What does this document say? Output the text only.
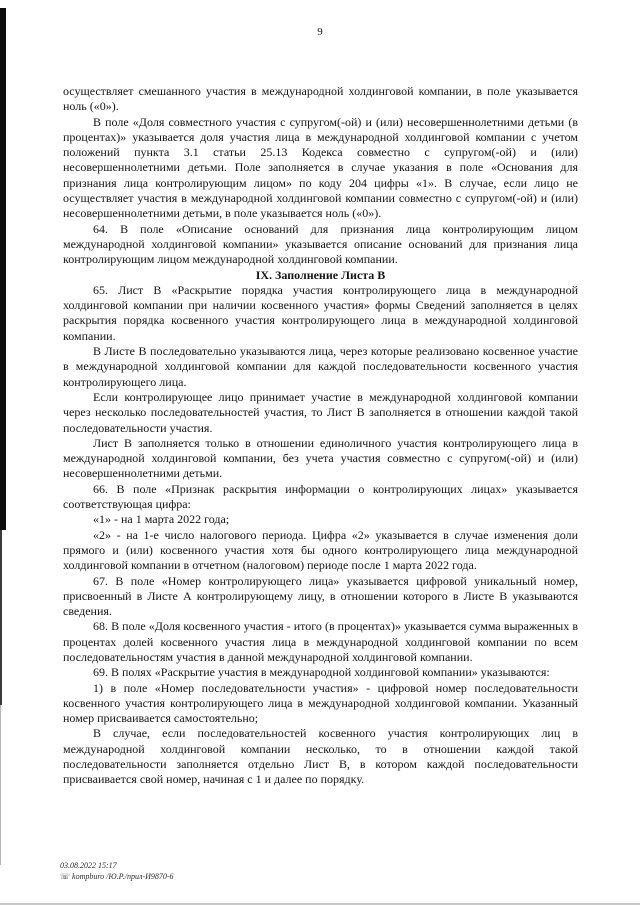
9

осуществляет смешанного участия в международной холдинговой компании, в поле указывается ноль («0»).

В поле «Доля совместного участия с супругом(-ой) и (или) несовершеннолетними детьми (в процентах)» указывается доля участия лица в международной холдинговой компании с учетом положений пункта 3.1 статьи 25.13 Кодекса совместно с супругом(-ой) и (или) несовершеннолетними детьми. Поле заполняется в случае указания в поле «Основания для признания лица контролирующим лицом» по коду 204 цифры «1». В случае, если лицо не осуществляет участия в международной холдинговой компании совместно с супругом(-ой) и (или) несовершеннолетними детьми, в поле указывается ноль («0»).

64. В поле «Описание оснований для признания лица контролирующим лицом международной холдинговой компании» указывается описание оснований для признания лица контролирующим лицом международной холдинговой компании.

IX. Заполнение Листа В

65. Лист В «Раскрытие порядка участия контролирующего лица в международной холдинговой компании при наличии косвенного участия» формы Сведений заполняется в целях раскрытия порядка косвенного участия контролирующего лица в международной холдинговой компании.

В Листе В последовательно указываются лица, через которые реализовано косвенное участие в международной холдинговой компании для каждой последовательности косвенного участия контролирующего лица.

Если контролирующее лицо принимает участие в международной холдинговой компании через несколько последовательностей участия, то Лист В заполняется в отношении каждой такой последовательности участия.

Лист В заполняется только в отношении единоличного участия контролирующего лица в международной холдинговой компании, без учета участия совместно с супругом(-ой) и (или) несовершеннолетними детьми.

66. В поле «Признак раскрытия информации о контролирующих лицах» указывается соответствующая цифра:

«1» - на 1 марта 2022 года;

«2» - на 1-е число налогового периода. Цифра «2» указывается в случае изменения доли прямого и (или) косвенного участия хотя бы одного контролирующего лица международной холдинговой компании в отчетном (налоговом) периоде после 1 марта 2022 года.

67. В поле «Номер контролирующего лица» указывается цифровой уникальный номер, присвоенный в Листе А контролирующему лицу, в отношении которого в Листе В указываются сведения.

68. В поле «Доля косвенного участия - итого (в процентах)» указывается сумма выраженных в процентах долей косвенного участия лица в международной холдинговой компании по всем последовательностям участия в данной международной холдинговой компании.

69. В полях «Раскрытие участия в международной холдинговой компании» указываются:

1) в поле «Номер последовательности участия» - цифровой номер последовательности косвенного участия контролирующего лица в международной холдинговой компании. Указанный номер присваивается самостоятельно;

В случае, если последовательностей косвенного участия контролирующих лиц в международной холдинговой компании несколько, то в отношении каждой такой последовательности заполняется отдельно Лист В, в котором каждой последовательности присваивается свой номер, начиная с 1 и далее по порядку.

03.08.2022 15:17
☏ kompburo /Ю.Р./прил-И9870-6
